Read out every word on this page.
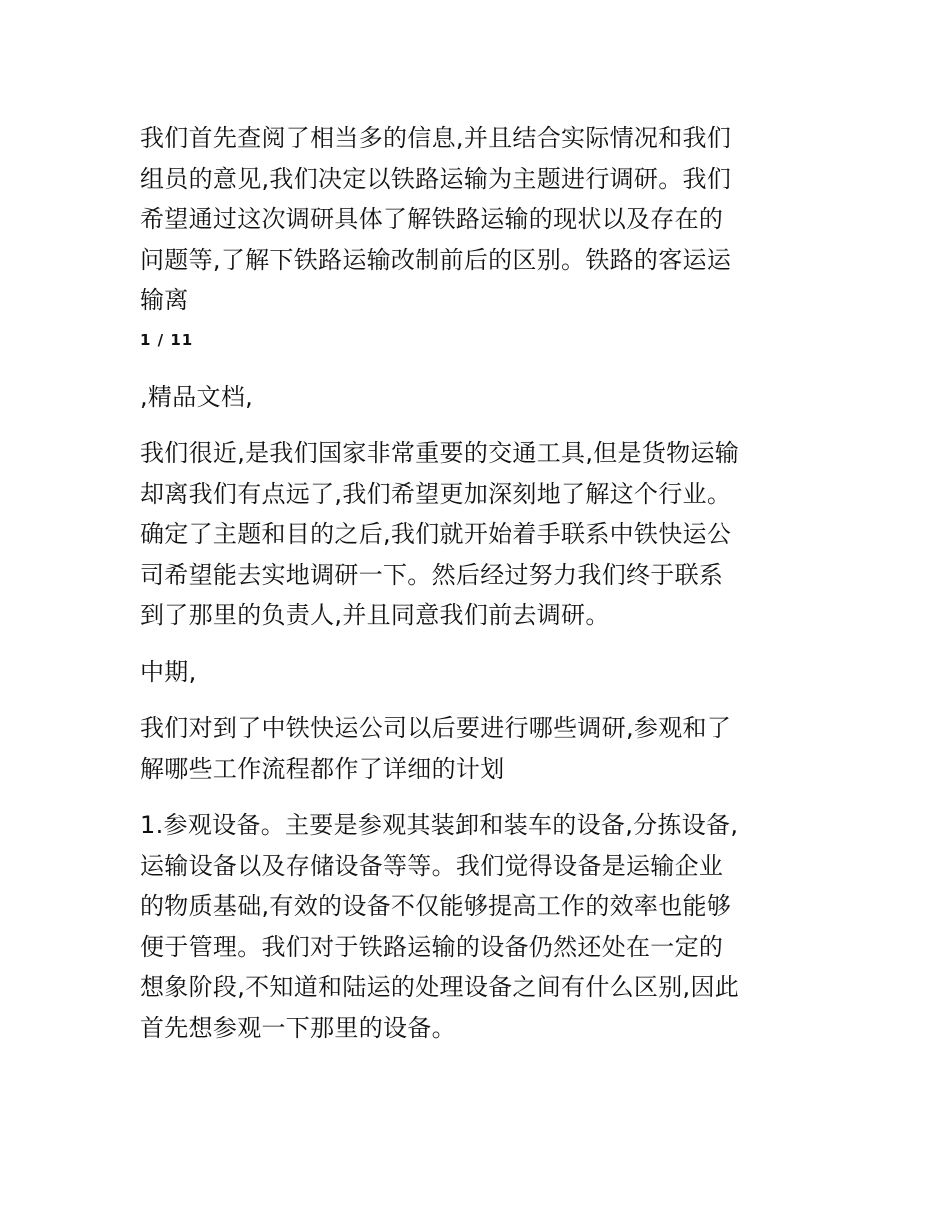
我们首先查阅了相当多的信息,并且结合实际情况和我们
组员的意见,我们决定以铁路运输为主题进行调研。我们
希望通过这次调研具体了解铁路运输的现状以及存在的
问题等,了解下铁路运输改制前后的区别。铁路的客运运
输离

1 / 11

,精品文档,

我们很近,是我们国家非常重要的交通工具,但是货物运输
却离我们有点远了,我们希望更加深刻地了解这个行业。
确定了主题和目的之后,我们就开始着手联系中铁快运公
司希望能去实地调研一下。然后经过努力我们终于联系
到了那里的负责人,并且同意我们前去调研。

中期,

我们对到了中铁快运公司以后要进行哪些调研,参观和了
解哪些工作流程都作了详细的计划

1.参观设备。主要是参观其装卸和装车的设备,分拣设备,
运输设备以及存储设备等等。我们觉得设备是运输企业
的物质基础,有效的设备不仅能够提高工作的效率也能够
便于管理。我们对于铁路运输的设备仍然还处在一定的
想象阶段,不知道和陆运的处理设备之间有什么区别,因此
首先想参观一下那里的设备。
